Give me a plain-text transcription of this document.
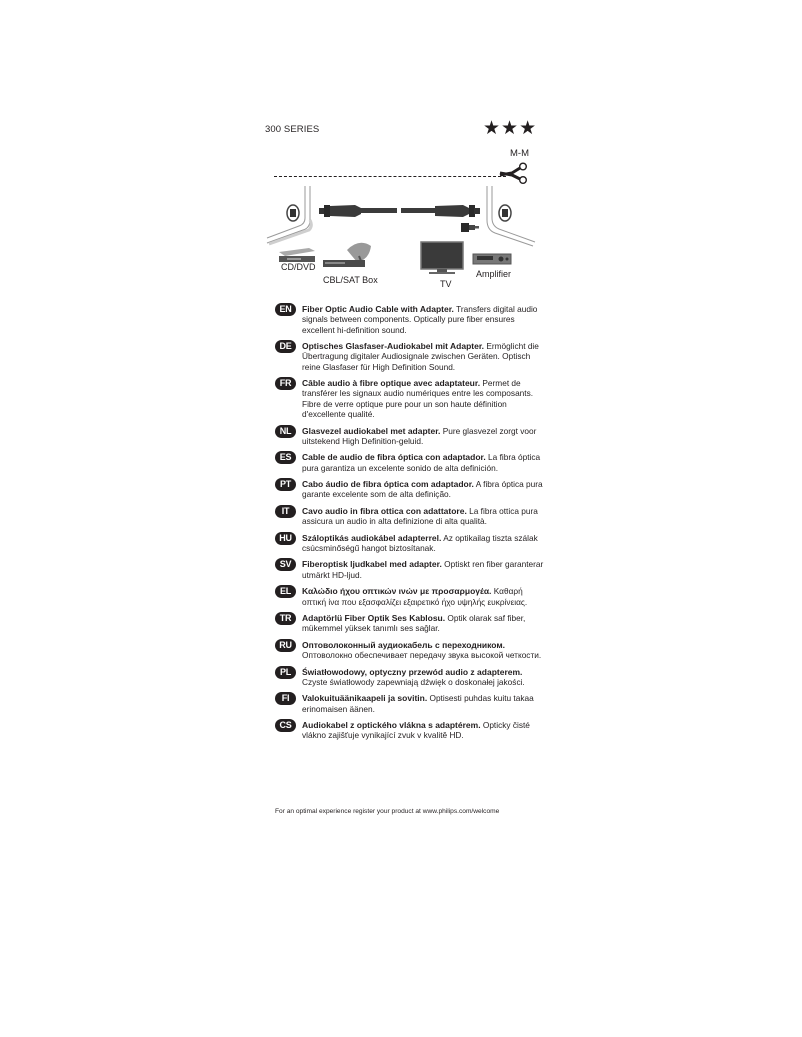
300 SERIES	★★★
M-M
CD/DVD
CBL/SAT Box	TV
Amplifier
EN	Fiber Optic Audio Cable with Adapter. Transfers digital audio signals between components. Optically pure fiber ensures excellent hi-definition sound.
DE	Optisches Glasfaser-Audiokabel mit Adapter. Ermöglicht die Übertragung digitaler Audiosignale zwischen Geräten. Optisch reine Glasfaser für High Definition Sound.
FR	Câble audio à fibre optique avec adaptateur. Permet de transférer les signaux audio numériques entre les composants. Fibre de verre optique pure pour un son haute définition d'excellente qualité.
NL	Glasvezel audiokabel met adapter. Pure glasvezel zorgt voor uitstekend High Definition-geluid.
ES	Cable de audio de fibra óptica con adaptador. La fibra óptica pura garantiza un excelente sonido de alta definición.
PT	Cabo áudio de fibra óptica com adaptador. A fibra óptica pura garante excelente som de alta definição.
IT	Cavo audio in fibra ottica con adattatore. La fibra ottica pura assicura un audio in alta definizione di alta qualità.
HU	Száloptikás audiokábel adapterrel. Az optikailag tiszta szálak csúcsminőségű hangot biztosítanak.
SV	Fiberoptisk ljudkabel med adapter. Optiskt ren fiber garanterar utmärkt HD-ljud.
EL	Καλώδιο ήχου οπτικών ινών με προσαρμογέα. Καθαρή οπτική ίνα που εξασφαλίζει εξαιρετικό ήχο υψηλής ευκρίνειας.
TR	Adaptörlü Fiber Optik Ses Kablosu. Optik olarak saf fiber, mükemmel yüksek tanımlı ses sağlar.
RU	Оптоволоконный аудиокабель с переходником. Оптоволокно обеспечивает передачу звука высокой четкости.
PL	Światłowodowy, optyczny przewód audio z adapterem. Czyste światłowody zapewniają dźwięk o doskonałej jakości.
FI	Valokuituäänikaapeli ja sovitin. Optisesti puhdas kuitu takaa erinomaisen äänen.
CS	Audiokabel z optického vlákna s adaptérem. Opticky čisté vlákno zajišťuje vynikající zvuk v kvalitě HD.
For an optimal experience register your product at www.philips.com/welcome
